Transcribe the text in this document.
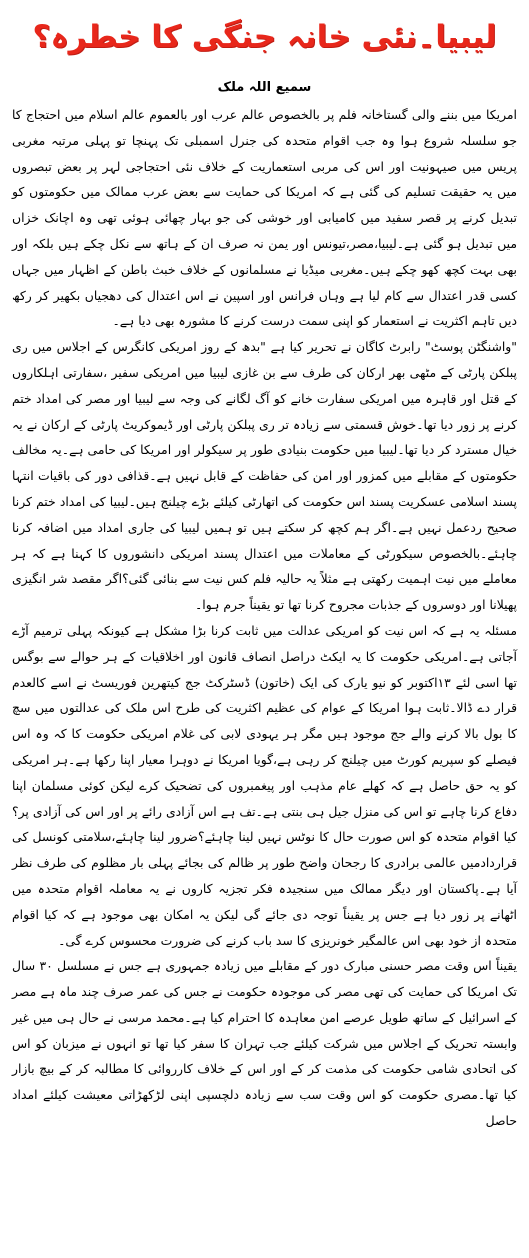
لیبیا۔نئی خانہ جنگی کا خطرہ؟
سمیع اللہ ملک

امریکا میں بننے والی گستاخانہ فلم پر بالخصوص عالم عرب اور بالعموم عالم اسلام میں احتجاج کا جو سلسلہ شروع ہوا وہ جب اقوام متحدہ کی جنرل اسمبلی تک پہنچا تو پہلی مرتبہ مغربی پریس میں صیہونیت اور اس کی مربی استعماریت کے خلاف نئی احتجاجی لہر پر بعض تبصروں میں یہ حقیقت تسلیم کی گئی ہے کہ امریکا کی حمایت سے بعض عرب ممالک میں حکومتوں کو تبدیل کرنے پر قصر سفید میں کامیابی اور خوشی کی جو بہار چھائی ہوئی تھی وہ اچانک خزاں میں تبدیل ہو گئی ہے۔لیبیا،مصر،تیونس اور یمن نہ صرف ان کے ہاتھ سے نکل چکے ہیں بلکہ اور بھی بہت کچھ کھو چکے ہیں۔مغربی میڈیا نے مسلمانوں کے خلاف خبث باطن کے اظہار میں جہاں کسی قدر اعتدال سے کام لیا ہے وہاں فرانس اور اسپین نے اس اعتدال کی دھجیاں بکھیر کر رکھ دیں تاہم اکثریت نے استعمار کو اپنی سمت درست کرنے کا مشورہ بھی دیا ہے۔

"واشنگٹن پوسٹ" رابرٹ کاگان نے تحریر کیا ہے "بدھ کے روز امریکی کانگرس کے اجلاس میں ری پبلکن پارٹی کے مٹھی بھر ارکان کی طرف سے بن غازی لیبیا میں امریکی سفیر ،سفارتی اہلکاروں کے قتل اور قاہرہ میں امریکی سفارت خانے کو آگ لگانے کی وجہ سے لیبیا اور مصر کی امداد ختم کرنے پر زور دیا تھا۔خوش قسمتی سے زیادہ تر ری پبلکن پارٹی اور ڈیموکریٹ پارٹی کے ارکان نے یہ خیال مسترد کر دیا تھا۔لیبیا میں حکومت بنیادی طور پر سیکولر اور امریکا کی حامی ہے۔یہ مخالف حکومتوں کے مقابلے میں کمزور اور امن کی حفاظت کے قابل نہیں ہے۔قذافی دور کی باقیات انتہا پسند اسلامی عسکریت پسند اس حکومت کی اتھارٹی کیلئے بڑے چیلنج ہیں۔لیبیا کی امداد ختم کرنا صحیح ردعمل نہیں ہے۔اگر ہم کچھ کر سکتے ہیں تو ہمیں لیبیا کی جاری امداد میں اضافہ کرنا چاہئے۔بالخصوص سیکورٹی کے معاملات میں اعتدال پسند امریکی دانشوروں کا کہنا ہے کہ ہر معاملے میں نیت اہمیت رکھتی ہے مثلاً یہ حالیہ فلم کس نیت سے بنائی گئی؟اگر مقصد شر انگیزی پھیلانا اور دوسروں کے جذبات مجروح کرنا تھا تو یقیناً جرم ہوا۔

مسئلہ یہ ہے کہ اس نیت کو امریکی عدالت میں ثابت کرنا بڑا مشکل ہے کیونکہ پہلی ترمیم آڑے آجاتی ہے۔امریکی حکومت کا یہ ایکٹ دراصل انصاف قانون اور اخلاقیات کے ہر حوالے سے بوگس تھا اسی لئے ۱۳اکتوبر کو نیو یارک کی ایک (خاتون) ڈسٹرکٹ جج کیتھرین فوریسٹ نے اسے کالعدم قرار دے ڈالا۔ثابت ہوا امریکا کے عوام کی عظیم اکثریت کی طرح اس ملک کی عدالتوں میں سچ کا بول بالا کرنے والے جج موجود ہیں مگر ہر یہودی لابی کی غلام امریکی حکومت کا کہ وہ اس فیصلے کو سپریم کورٹ میں چیلنج کر رہی ہے،گویا امریکا نے دوہرا معیار اپنا رکھا ہے۔ہر امریکی کو یہ حق حاصل ہے کہ کھلے عام مذہب اور پیغمبروں کی تضحیک کرے لیکن کوئی مسلمان اپنا دفاع کرنا چاہے تو اس کی منزل جیل ہی بنتی ہے۔تف ہے اس آزادی رائے پر اور اس کی آزادی پر؟کیا اقوام متحدہ کو اس صورت حال کا نوٹس نہیں لینا چاہئے؟ضرور لینا چاہئے،سلامتی کونسل کی قراردادمیں عالمی برادری کا رجحان واضح طور پر ظالم کی بجائے پہلی بار مظلوم کی طرف نظر آیا ہے۔پاکستان اور دیگر ممالک میں سنجیدہ فکر تجزیہ کاروں نے یہ معاملہ اقوام متحدہ میں اٹھانے پر زور دیا ہے جس پر یقیناً توجہ دی جائے گی لیکن یہ امکان بھی موجود ہے کہ کیا اقوام متحدہ از خود بھی اس عالمگیر خونریزی کا سد باب کرنے کی ضرورت محسوس کرے گی۔

یقیناً اس وقت مصر حسنی مبارک دور کے مقابلے میں زیادہ جمہوری ہے جس نے مسلسل ۳۰ سال تک امریکا کی حمایت کی تھی مصر کی موجودہ حکومت نے جس کی عمر صرف چند ماہ ہے مصر کے اسرائیل کے ساتھ طویل عرصے امن معاہدہ کا احترام کیا ہے۔محمد مرسی نے حال ہی میں غیر وابستہ تحریک کے اجلاس میں شرکت کیلئے جب تہران کا سفر کیا تھا تو انہوں نے میزبان کو اس کی اتحادی شامی حکومت کی مذمت کر کے اور اس کے خلاف کارروائی کا مطالبہ کر کے بیچ بازار کیا تھا۔مصری حکومت کو اس وقت سب سے زیادہ دلچسپی اپنی لڑکھڑاتی معیشت کیلئے امداد حاصل
